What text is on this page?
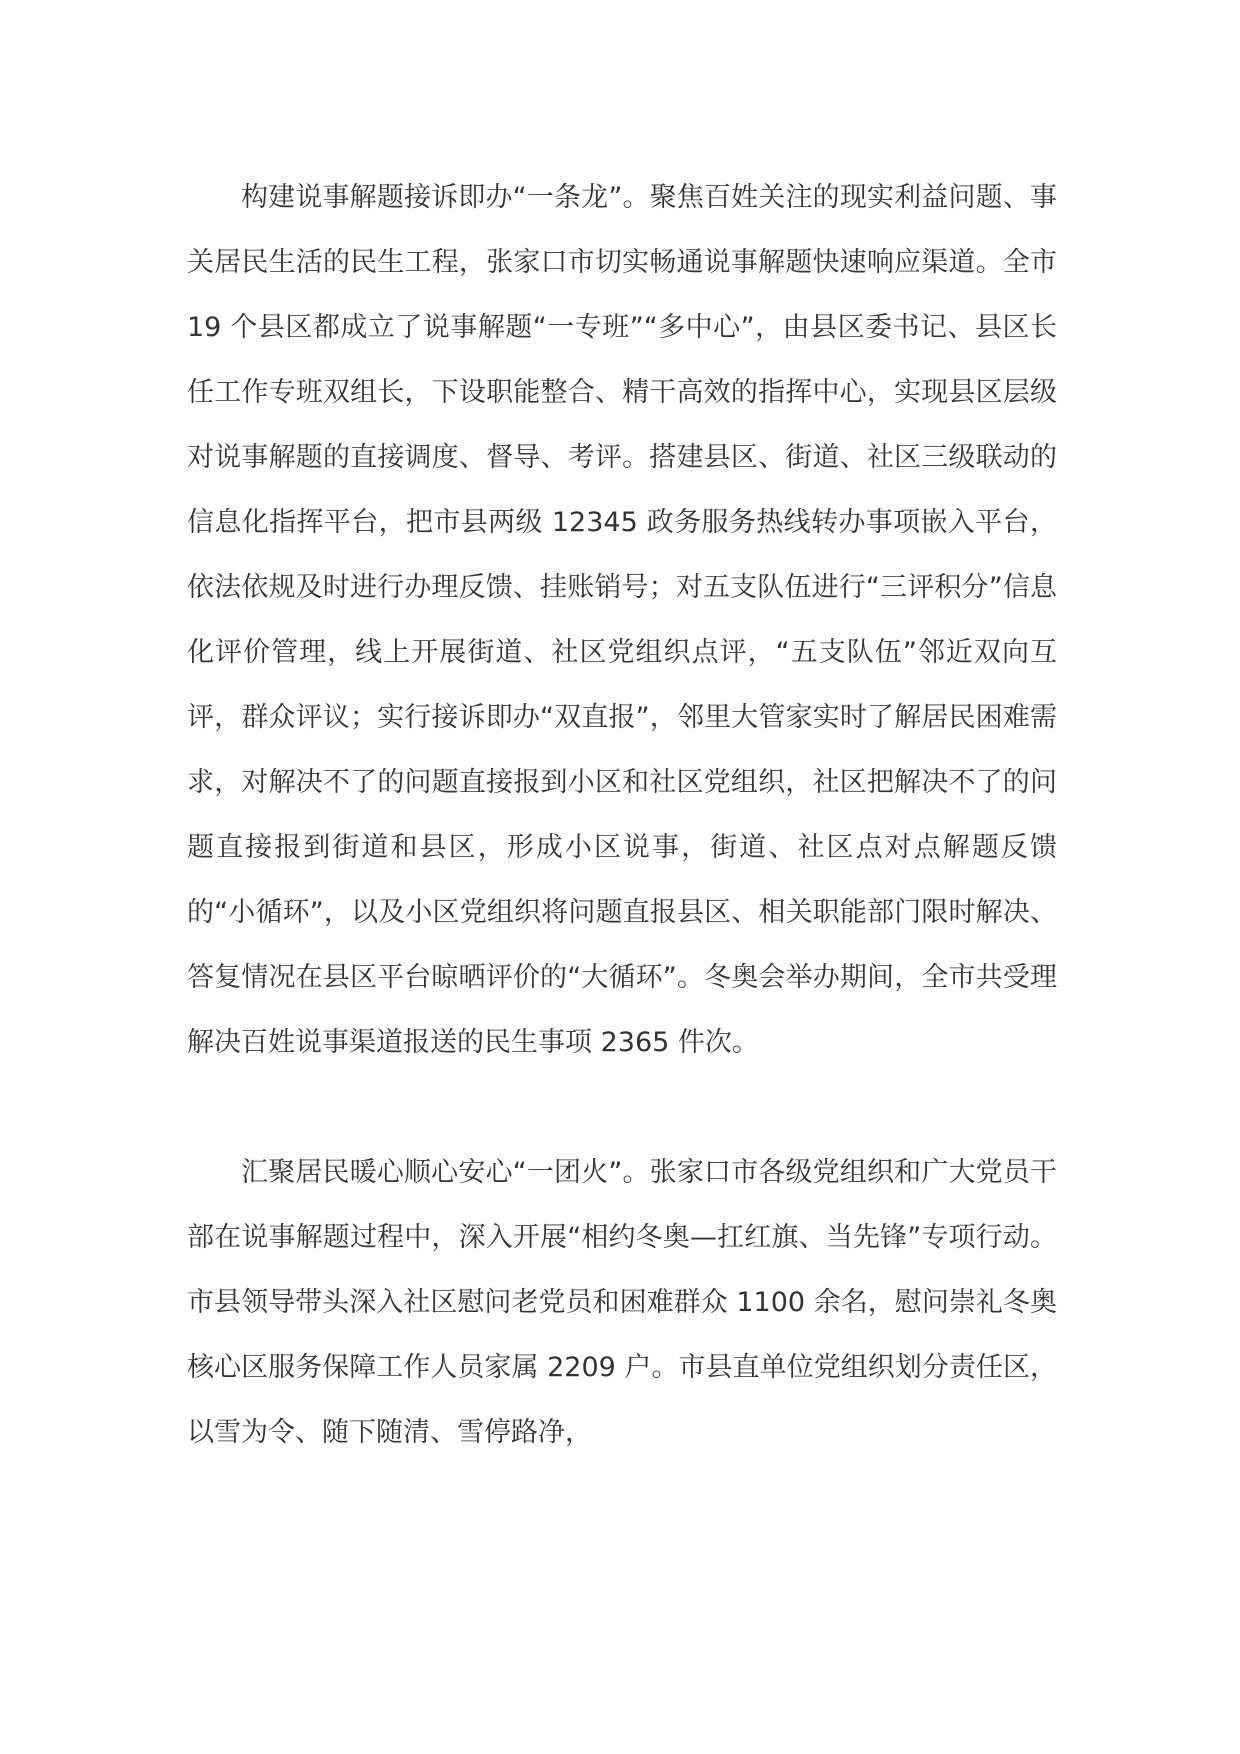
构建说事解题接诉即办“一条龙”。聚焦百姓关注的现实利益问题、事关居民生活的民生工程，张家口市切实畅通说事解题快速响应渠道。全市 19 个县区都成立了说事解题“一专班”“多中心”，由县区委书记、县区长任工作专班双组长，下设职能整合、精干高效的指挥中心，实现县区层级对说事解题的直接调度、督导、考评。搭建县区、街道、社区三级联动的信息化指挥平台，把市县两级 12345 政务服务热线转办事项嵌入平台，依法依规及时进行办理反馈、挂账销号；对五支队伍进行“三评积分”信息化评价管理，线上开展街道、社区党组织点评，“五支队伍”邻近双向互评，群众评议；实行接诉即办“双直报”，邻里大管家实时了解居民困难需求，对解决不了的问题直接报到小区和社区党组织，社区把解决不了的问题直接报到街道和县区，形成小区说事，街道、社区点对点解题反馈的“小循环”，以及小区党组织将问题直报县区、相关职能部门限时解决、答复情况在县区平台晾晒评价的“大循环”。冬奥会举办期间，全市共受理解决百姓说事渠道报送的民生事项 2365 件次。

汇聚居民暖心顺心安心“一团火”。张家口市各级党组织和广大党员干部在说事解题过程中，深入开展“相约冬奥—扛红旗、当先锋”专项行动。市县领导带头深入社区慰问老党员和困难群众 1100 余名，慰问崇礼冬奥核心区服务保障工作人员家属 2209 户。市县直单位党组织划分责任区，以雪为令、随下随清、雪停路净，
